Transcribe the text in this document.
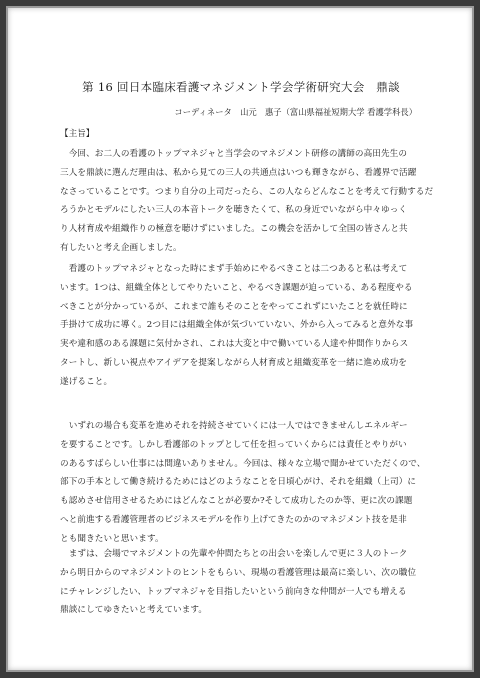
第 16 回日本臨床看護マネジメント学会学術研究大会　鼎談
コーディネータ　山元　惠子（富山県福祉短期大学 看護学科長）
【主旨】
　今回、お二人の看護のトップマネジャと当学会のマネジメント研修の講師の高田先生の
三人を鼎談に選んだ理由は、私から見ての三人の共通点はいつも輝きながら、看護界で活躍
なさっていることです。つまり自分の上司だったら、この人ならどんなことを考えて行動するだ
ろうかとモデルにしたい三人の本音トークを聴きたくて、私の身近でいながら中々ゆっく
り人材育成や組織作りの極意を聴けずにいました。この機会を活かして全国の皆さんと共
有したいと考え企画しました。
　看護のトップマネジャとなった時にまず手始めにやるべきことは二つあると私は考えて
います。1つは、組織全体としてやりたいこと、やるべき課題が迫っている、ある程度やる
べきことが分かっているが、これまで誰もそのことをやってこれずにいたことを就任時に
手掛けて成功に導く。2つ目には組織全体が気づいていない、外から入ってみると意外な事
実や違和感のある課題に気付かされ、これは大変と中で働いている人達や仲間作りからス
タートし、新しい視点やアイデアを提案しながら人材育成と組織変革を一緒に進め成功を
遂げること。
　いずれの場合も変革を進めそれを持続させていくには一人ではできませんしエネルギー
を要することです。しかし看護部のトップとして任を担っていくからには責任とやりがい
のあるすばらしい仕事には間違いありません。今回は、様々な立場で聞かせていただくので、
部下の手本として働き続けるためにはどのようなことを日頃心がけ、それを組織（上司）に
も認めさせ信用させるためにはどんなことが必要か?そして成功したのか等、更に次の課題
へと前進する看護管理者のビジネスモデルを作り上げてきたのかのマネジメント技を是非
とも聞きたいと思います。
　まずは、会場でマネジメントの先輩や仲間たちとの出会いを楽しんで更に３人のトーク
から明日からのマネジメントのヒントをもらい、現場の看護管理は最高に楽しい、次の職位
にチャレンジしたい、トップマネジャを目指したいという前向きな仲間が一人でも増える
鼎談にしてゆきたいと考えています。
